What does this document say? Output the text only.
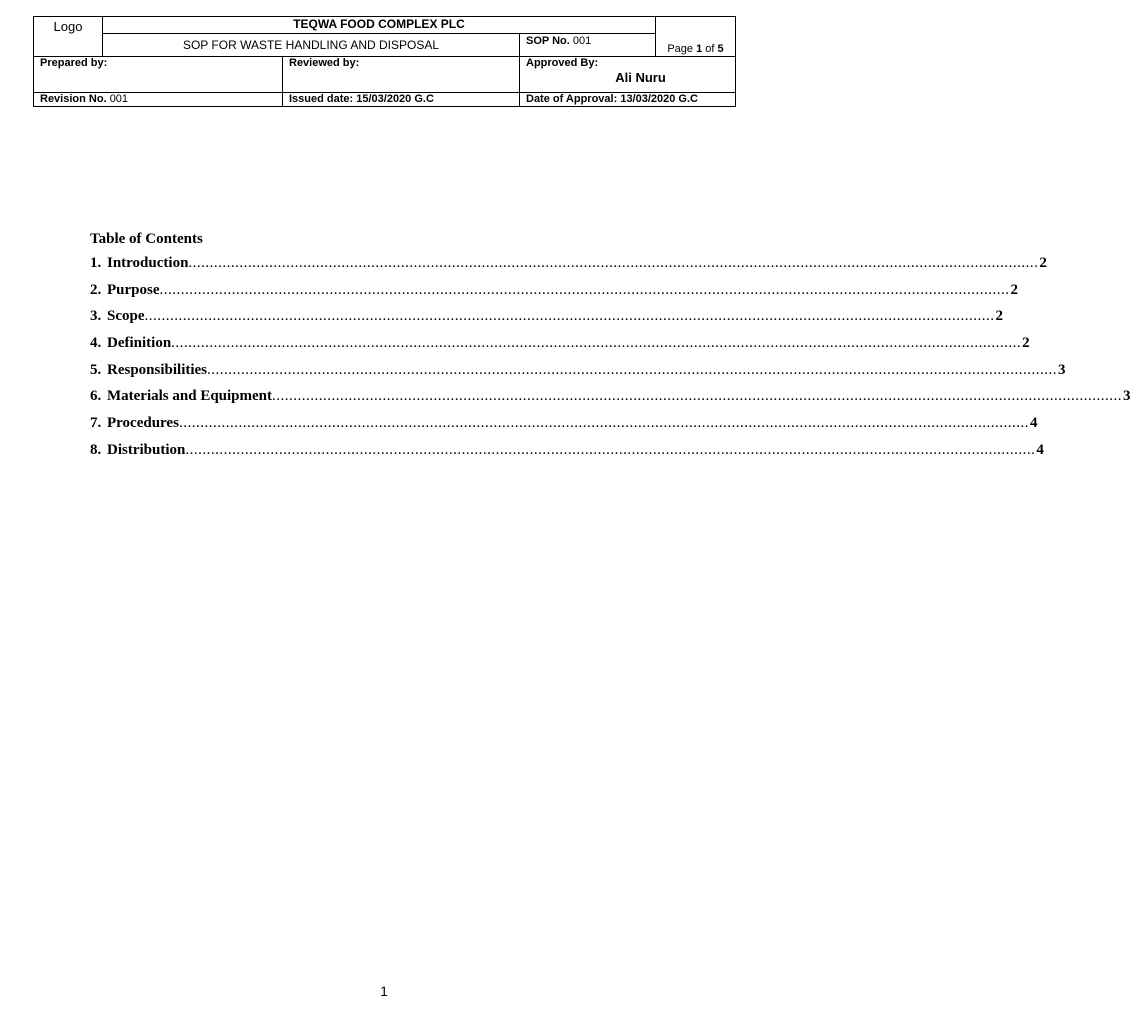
Logo	TEQWA FOOD COMPLEX PLC			Page 1 of 5
	SOP FOR WASTE HANDLING AND DISPOSAL		SOP No. 001	
Prepared by:		Reviewed by:	Approved By:
Ali Nuru	

Revision No. 001		Issued date: 15/03/2020 G.C	Date of Approval: 13/03/2020 G.C	
Table of Contents
1. Introduction ........................................................................................................................................................................................................ 2
2. Purpose ........................................................................................................................................................................................................ 2
3. Scope ........................................................................................................................................................................................................ 2
4. Definition ........................................................................................................................................................................................................ 2
5. Responsibilities ........................................................................................................................................................................................................ 3
6. Materials and Equipment ........................................................................................................................................................................................................ 3
7. Procedures ........................................................................................................................................................................................................ 4
8. Distribution ........................................................................................................................................................................................................ 4
1
